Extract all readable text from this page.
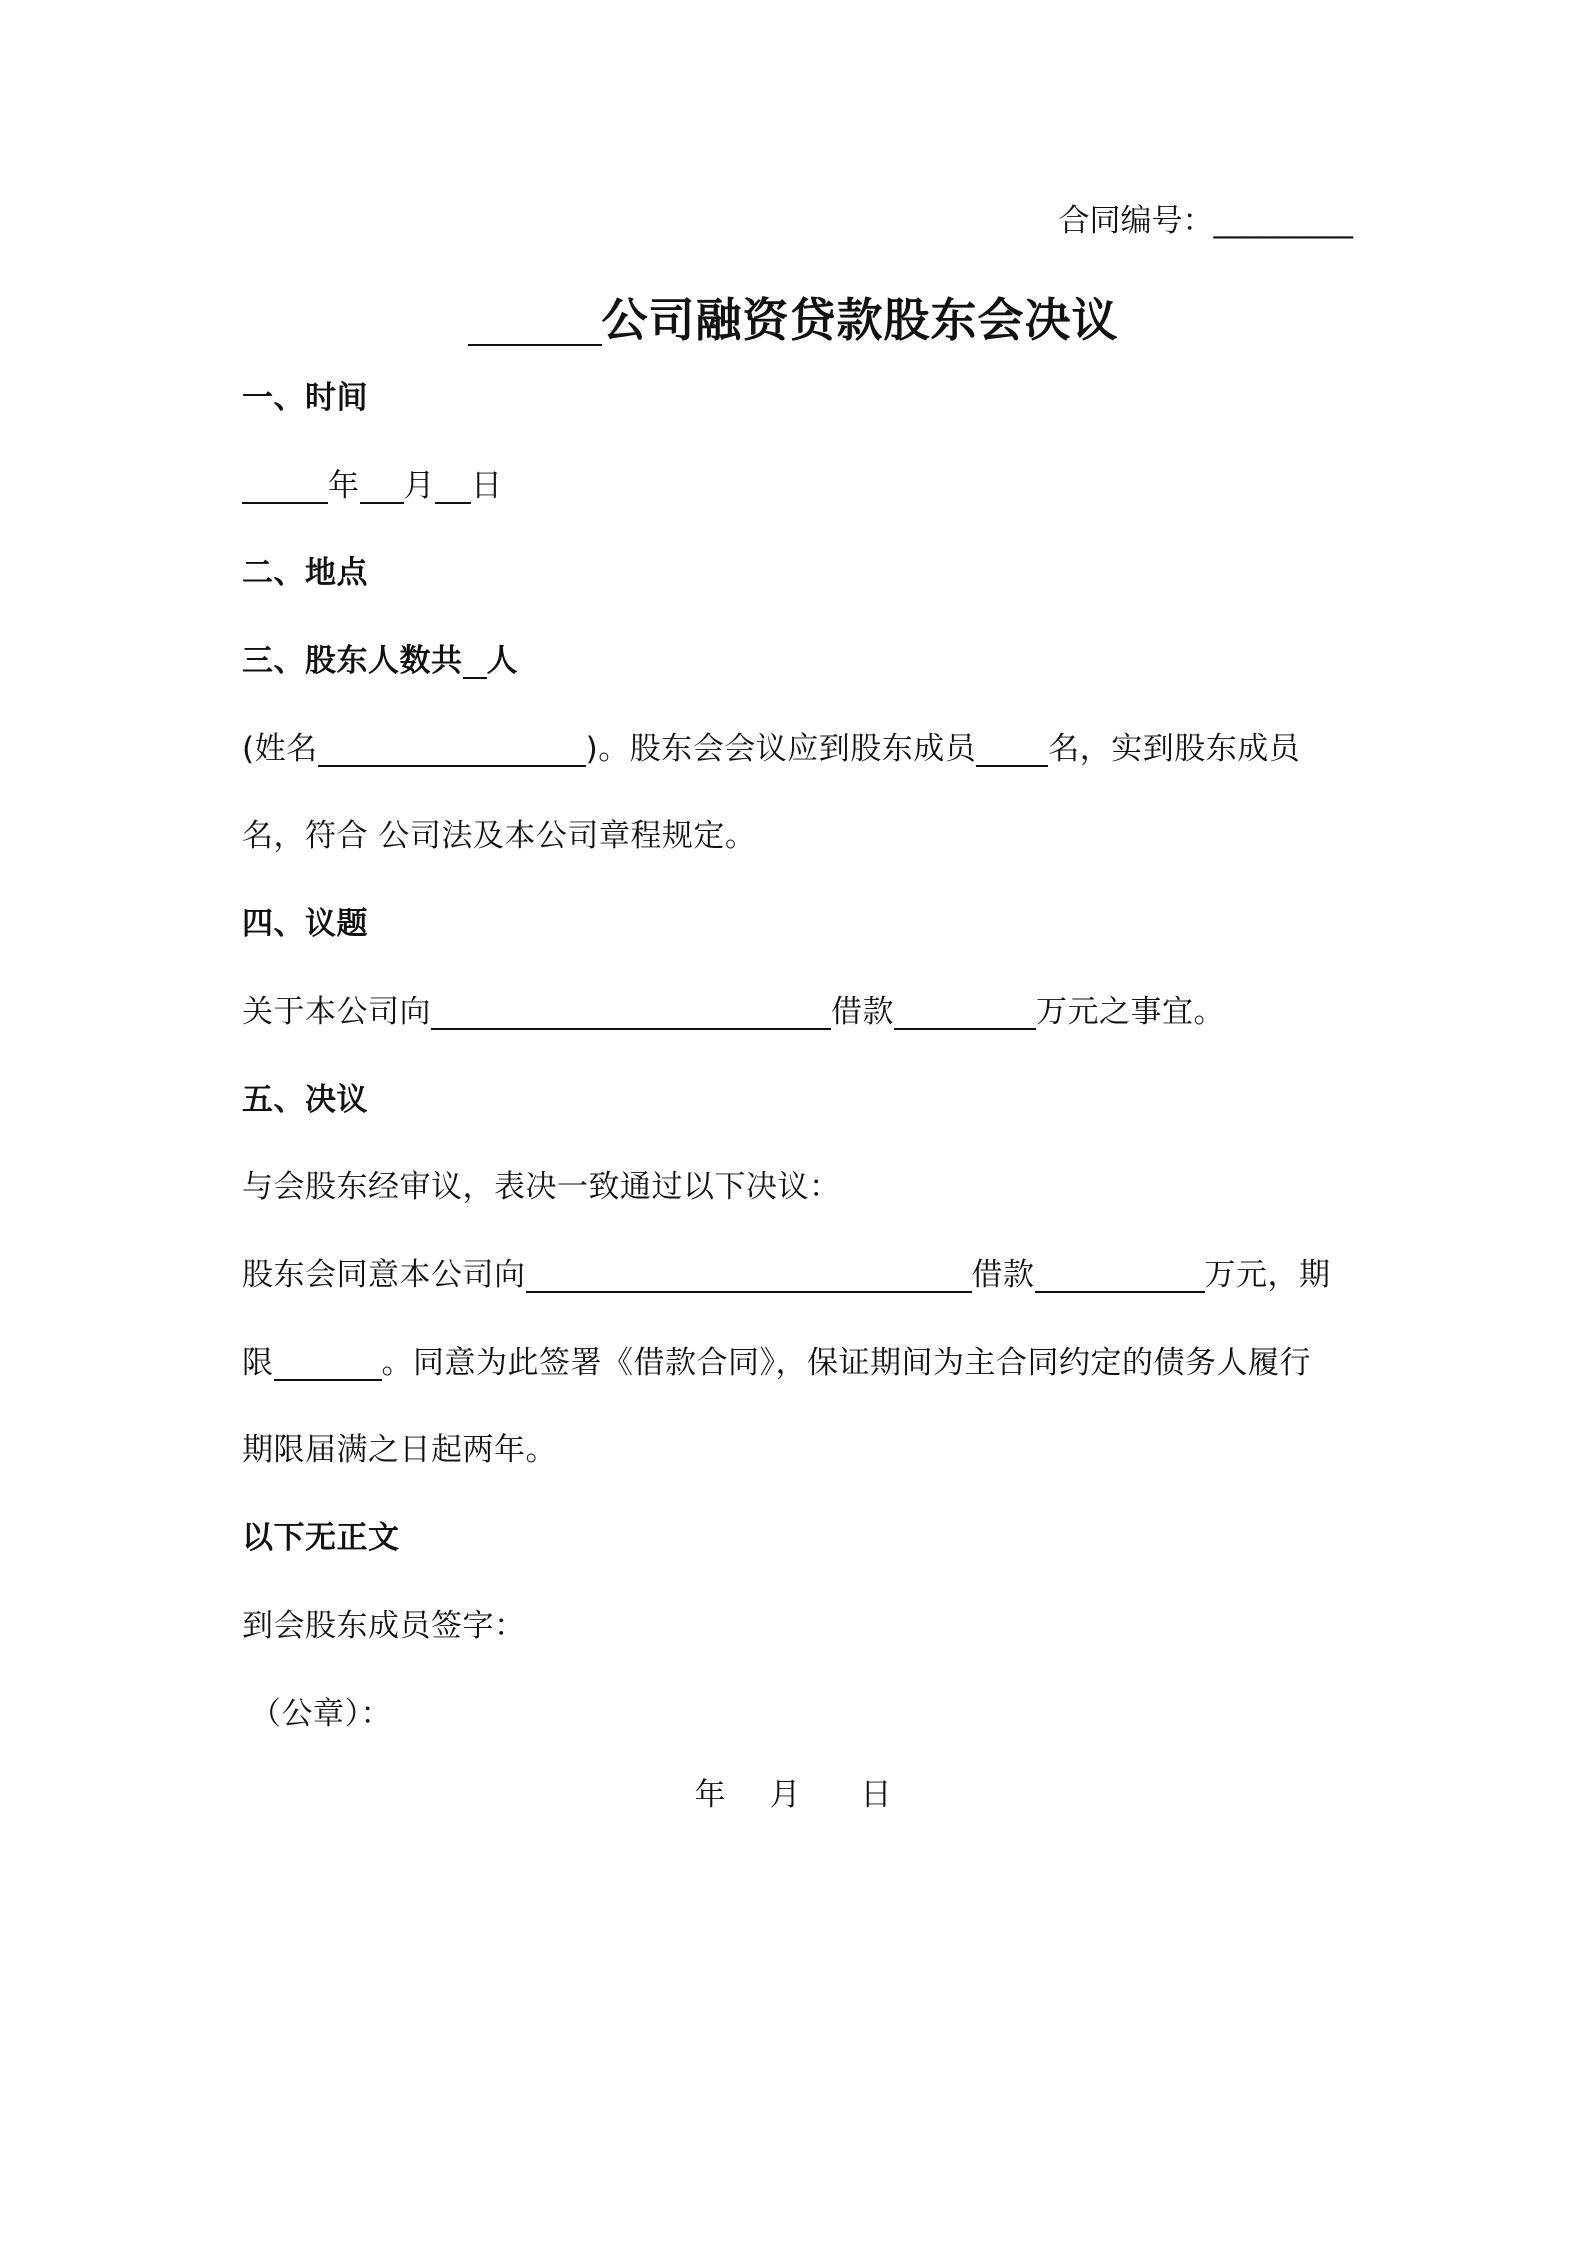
合同编号：_________
公司融资贷款股东会决议
一、时间
年 月 日
二、地点
三、股东人数共 人
(姓名	)。股东会会议应到股东成员 名，实到股东成员
名，符合 公司法及本公司章程规定。
四、议题
关于本公司向	借款	万元之事宜。
五、决议
与会股东经审议，表决一致通过以下决议：
股东会同意本公司向	借款	万元，期
限	。同意为此签署《借款合同》，保证期间为主合同约定的债务人履行
期限届满之日起两年。
以下无正文
到会股东成员签字：
（公章）：
年 月 日
